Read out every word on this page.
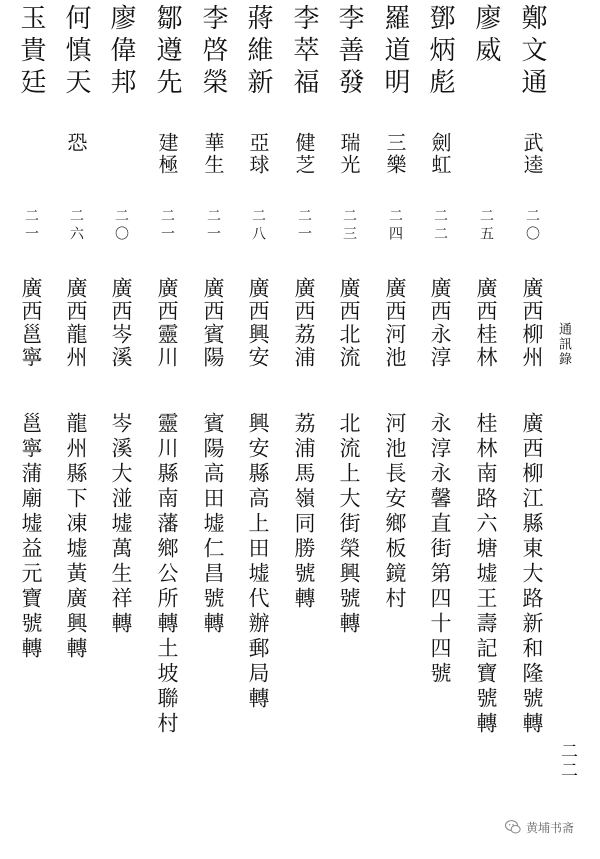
通訊錄
鄭文通
武逵
二〇
廣西柳州
廣西柳江縣東大路新和隆號轉
廖威
二五
廣西桂林
桂林南路六塘墟王壽記寶號轉
鄧炳彪
劍虹
二二
廣西永淳
永淳永馨直街第四十四號
羅道明
三樂
二四
廣西河池
河池長安鄉板鏡村
李善發
瑞光
二三
廣西北流
北流上大街榮興號轉
李萃福
健芝
二一
廣西荔浦
荔浦馬嶺同勝號轉
蔣維新
亞球
二八
廣西興安
興安縣高上田墟代辦郵局轉
李啓榮
華生
二一
廣西賓陽
賓陽高田墟仁昌號轉
鄒遵先
建極
二一
廣西靈川
靈川縣南藩鄉公所轉土坡聯村
廖偉邦
二〇
廣西岑溪
岑溪大湴墟萬生祥轉
何慎天
恐
二六
廣西龍州
龍州縣下凍墟黃廣興轉
玉貴廷
二一
廣西邕寧
邕寧蒲廟墟益元寶號轉
二二
黄埔书斋
